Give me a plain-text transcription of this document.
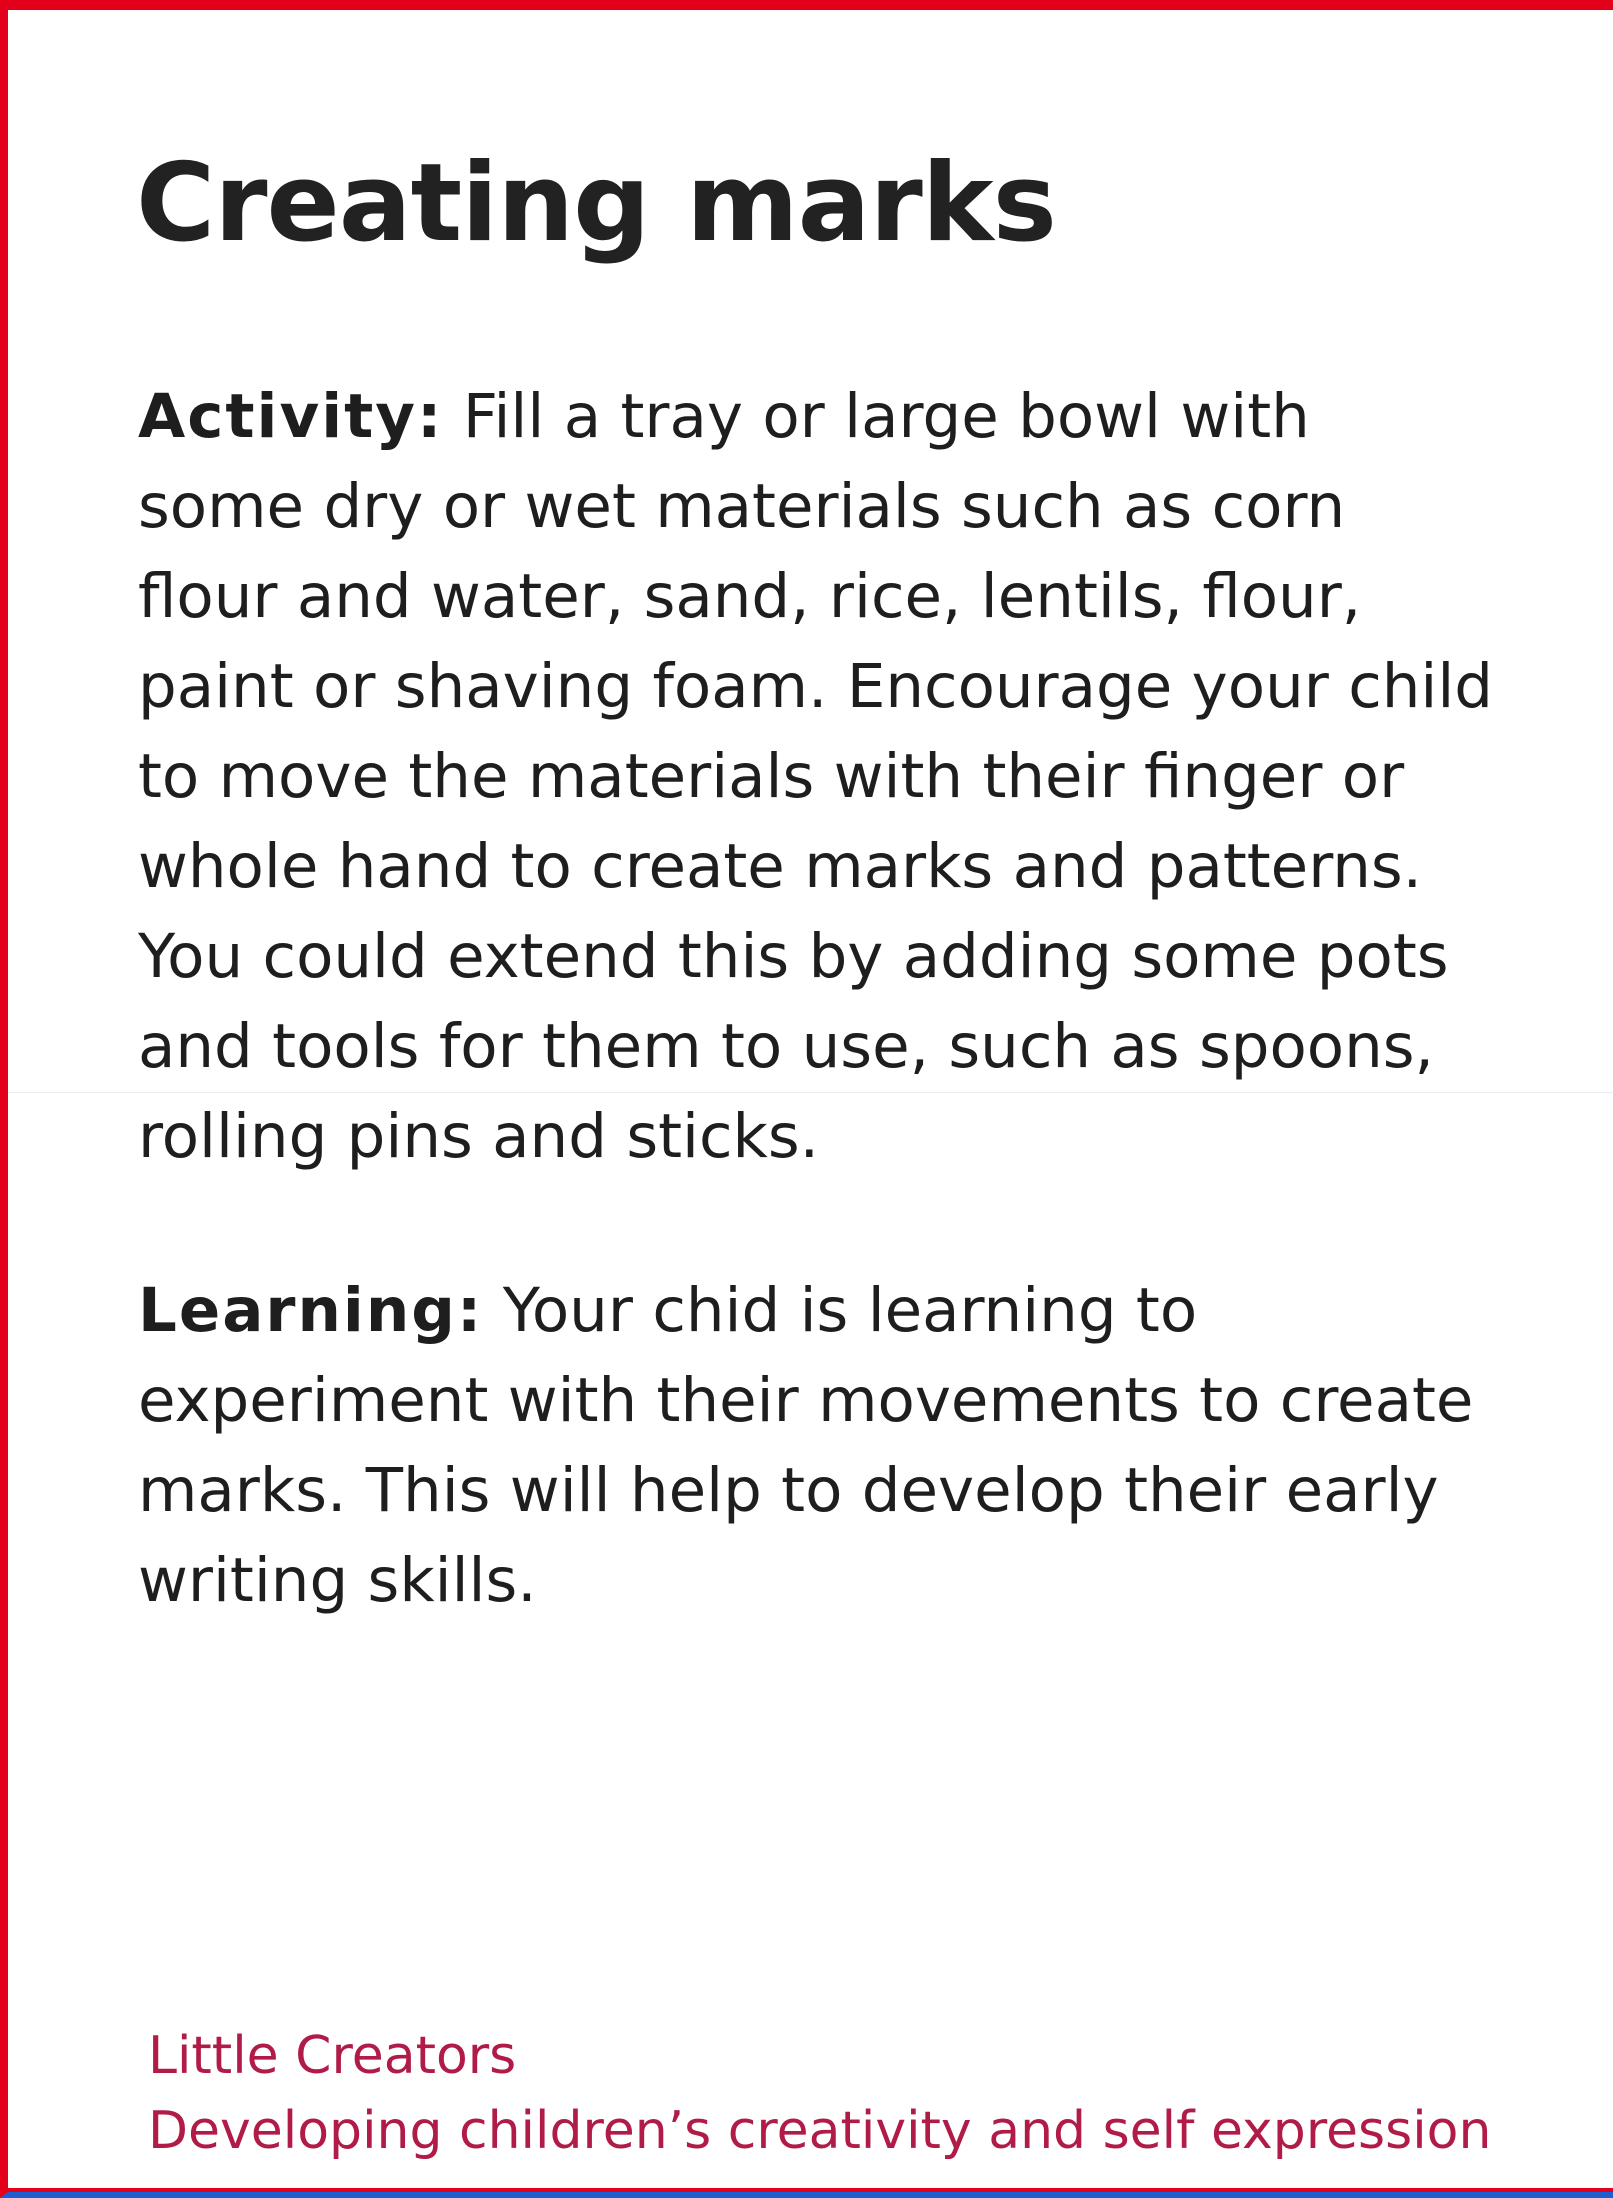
Creating marks

Activity: Fill a tray or large bowl with
some dry or wet materials such as corn
flour and water, sand, rice, lentils, flour,
paint or shaving foam. Encourage your child
to move the materials with their finger or
whole hand to create marks and patterns.
You could extend this by adding some pots
and tools for them to use, such as spoons,
rolling pins and sticks.

Learning: Your chid is learning to
experiment with their movements to create
marks. This will help to develop their early
writing skills.

Little Creators
Developing children’s creativity and self expression
